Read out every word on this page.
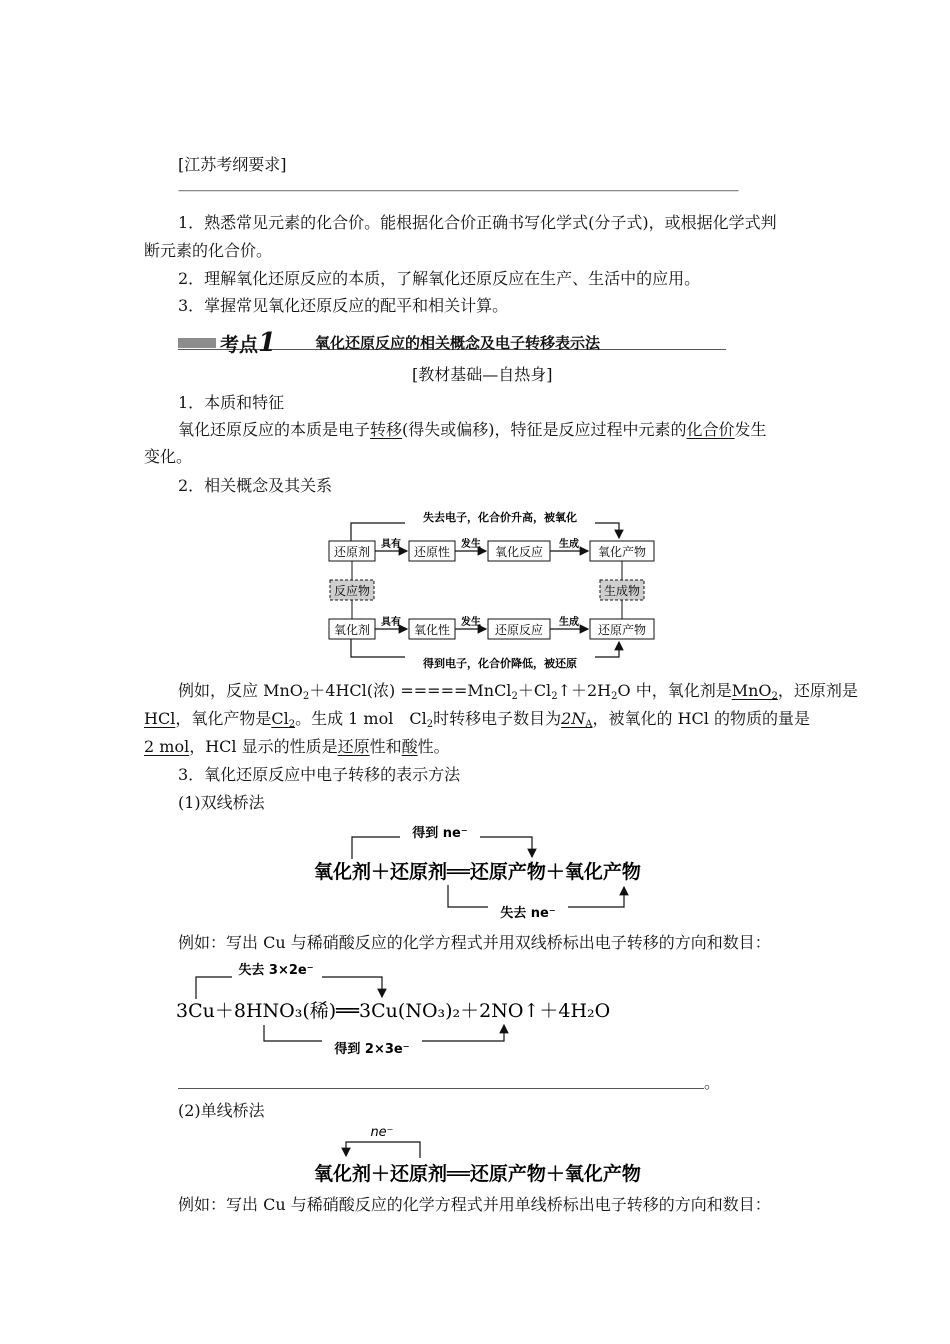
[江苏考纲要求]
————————————————————————————————————————————————————————
1．熟悉常见元素的化合价。能根据化合价正确书写化学式(分子式)，或根据化学式判
断元素的化合价。
2．理解氧化还原反应的本质，了解氧化还原反应在生产、生活中的应用。
3．掌握常见氧化还原反应的配平和相关计算。
考点1	氧化还原反应的相关概念及电子转移表示法
[教材基础—自热身]
1．本质和特征
氧化还原反应的本质是电子转移(得失或偏移)，特征是反应过程中元素的化合价发生
变化。
2．相关概念及其关系
失去电子，化合价升高，被氧化
还原剂	还原性	氧化反应	氧化产物
具有	发生	生成
反应物	生成物
氧化剂	氧化性	还原反应	还原产物
具有	发生	生成
得到电子，化合价降低，被还原
例如，反应 MnO$_2$＋4HCl(浓) $=====MnCl_2+Cl_2↑+2H_2O$ 中，氧化剂是MnO$_2$，还原剂是
HCl，氧化产物是$Cl_2$。生成 1 mol　$Cl_2$时转移电子数目为$2N_A$，被氧化的 HCl 的物质的量是
2 mol，HCl 显示的性质是还原性和酸性。
3．氧化还原反应中电子转移的表示方法
(1)双线桥法
得到 ne⁻
氧化剂＋还原剂══还原产物＋氧化产物
失去 ne⁻
例如：写出 Cu 与稀硝酸反应的化学方程式并用双线桥标出电子转移的方向和数目：
失去 3×2e⁻
3Cu＋8HNO₃(稀)══3Cu(NO₃)₂＋2NO↑＋4H₂O
得到 2×3e⁻
。
(2)单线桥法
ne⁻
氧化剂＋还原剂══还原产物＋氧化产物
例如：写出 Cu 与稀硝酸反应的化学方程式并用单线桥标出电子转移的方向和数目：
